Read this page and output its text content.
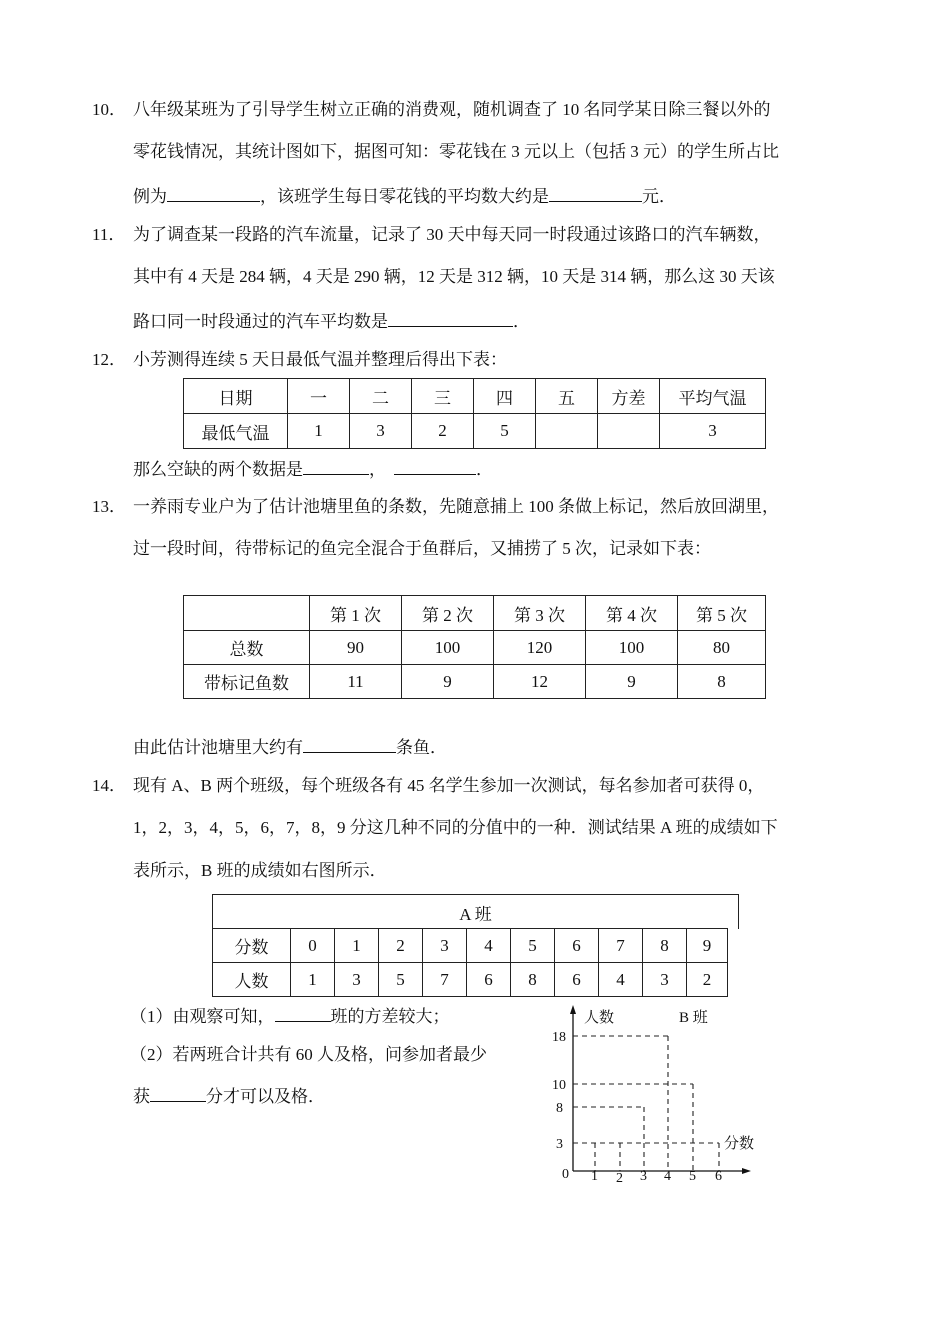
10． 八年级某班为了引导学生树立正确的消费观，随机调查了 10 名同学某日除三餐以外的
零花钱情况，其统计图如下，据图可知：零花钱在 3 元以上（包括 3 元）的学生所占比
例为	，该班学生每日零花钱的平均数大约是	元．
11． 为了调查某一段路的汽车流量，记录了 30 天中每天同一时段通过该路口的汽车辆数，
其中有 4 天是 284 辆，4 天是 290 辆，12 天是 312 辆，10 天是 314 辆，那么这 30 天该
路口同一时段通过的汽车平均数是	．
12． 小芳测得连续 5 天日最低气温并整理后得出下表：
日期	一	二	三	四	五	方差	平均气温
最低气温	1	3	2	5			3
那么空缺的两个数据是	，	．
13． 一养雨专业户为了估计池塘里鱼的条数，先随意捕上 100 条做上标记，然后放回湖里，
过一段时间，待带标记的鱼完全混合于鱼群后，又捕捞了 5 次，记录如下表：
	第 1 次	第 2 次	第 3 次	第 4 次	第 5 次
总数	90	100	120	100	80
带标记鱼数	11	9	12	9	8
由此估计池塘里大约有	条鱼．
14． 现有 A、B 两个班级，每个班级各有 45 名学生参加一次测试，每名参加者可获得 0，
1，2，3，4，5，6，7，8，9 分这几种不同的分值中的一种．测试结果 A 班的成绩如下
表所示，B 班的成绩如右图所示．
A 班
分数	0	1	2	3	4	5	6	7	8	9
人数	1	3	5	7	6	8	6	4	3	2
（1）由观察可知，	班的方差较大；
（2）若两班合计共有 60 人及格，问参加者最少
获	分才可以及格．
人数	B 班
分数
18
10
8
3
0 1 2 3 4 5 6
